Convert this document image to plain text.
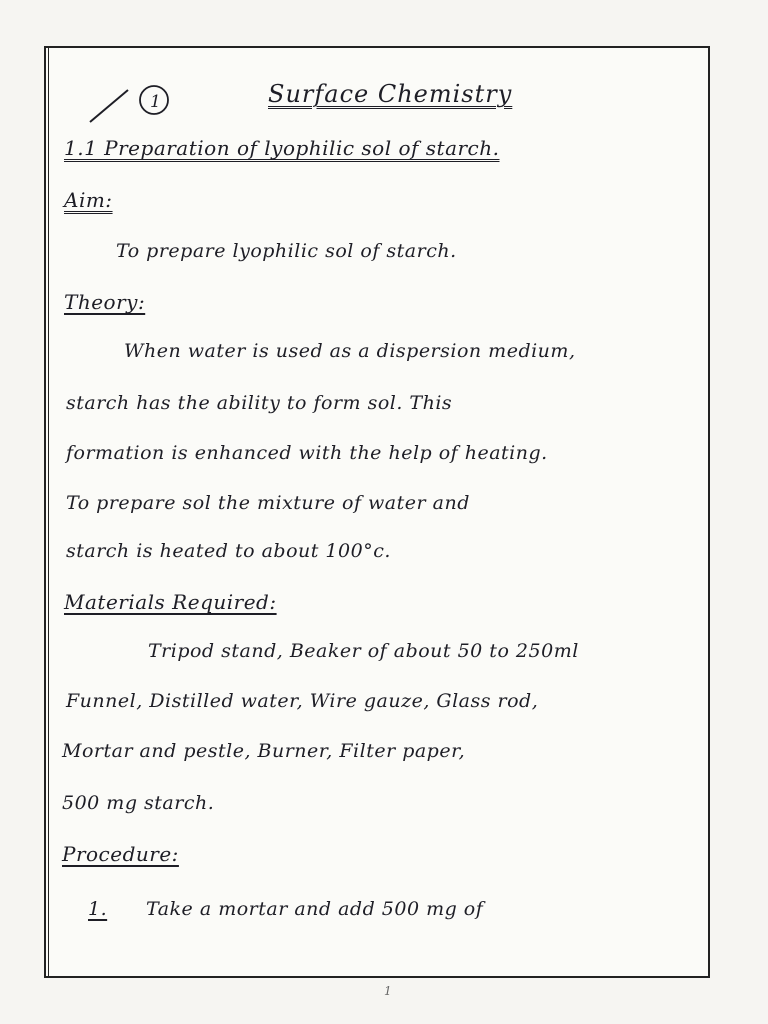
1	Surface Chemistry
1.1 Preparation of lyophilic sol of starch.
Aim:
To prepare lyophilic sol of starch.
Theory:
When water is used as a dispersion medium,
starch has the ability to form sol. This
formation is enhanced with the help of heating.
To prepare sol the mixture of water and
starch is heated to about 100°c.
Materials Required:
Tripod stand, Beaker of about 50 to 250ml
Funnel, Distilled water, Wire gauze, Glass rod,
Mortar and pestle, Burner, Filter paper,
500 mg starch.
Procedure:
1. Take a mortar and add 500 mg of
1
